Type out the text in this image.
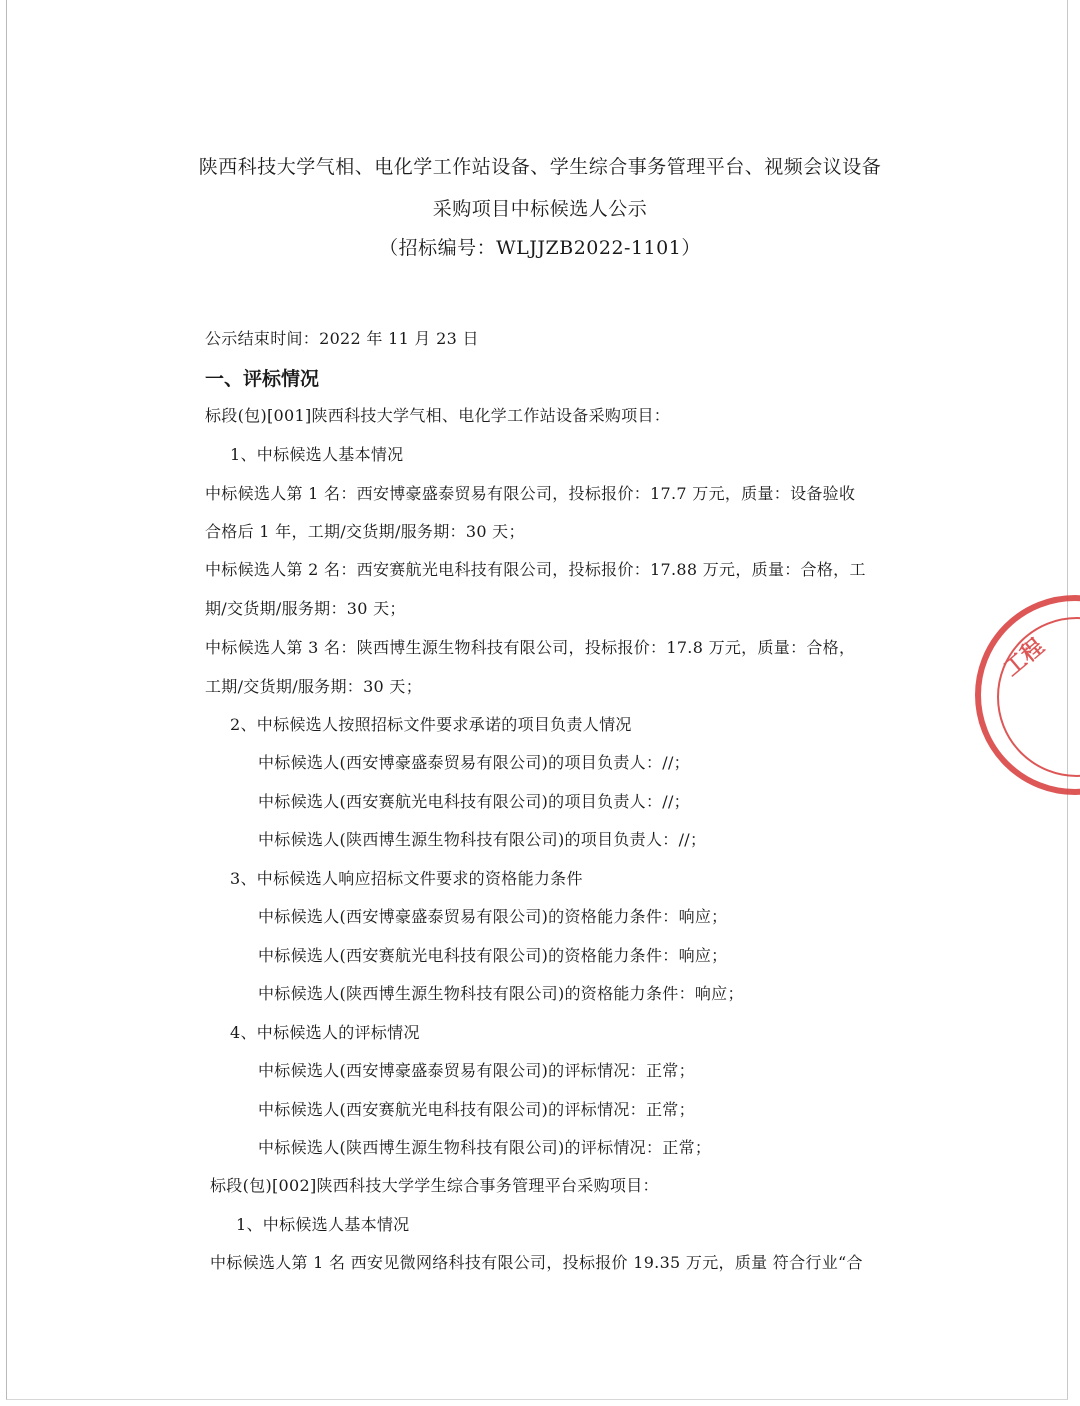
陕西科技大学气相、电化学工作站设备、学生综合事务管理平台、视频会议设备
采购项目中标候选人公示
（招标编号：WLJJZB2022-1101）
公示结束时间：2022 年 11 月 23 日
一、评标情况
标段(包)[001]陕西科技大学气相、电化学工作站设备采购项目：
1、中标候选人基本情况
中标候选人第 1 名：西安博豪盛泰贸易有限公司，投标报价：17.7 万元，质量：设备验收
合格后 1 年，工期/交货期/服务期：30 天；
中标候选人第 2 名：西安赛航光电科技有限公司，投标报价：17.88 万元，质量：合格，工
期/交货期/服务期：30 天；
中标候选人第 3 名：陕西博生源生物科技有限公司，投标报价：17.8 万元，质量：合格，
工期/交货期/服务期：30 天；
2、中标候选人按照招标文件要求承诺的项目负责人情况
中标候选人(西安博豪盛泰贸易有限公司)的项目负责人：//；
中标候选人(西安赛航光电科技有限公司)的项目负责人：//；
中标候选人(陕西博生源生物科技有限公司)的项目负责人：//；
3、中标候选人响应招标文件要求的资格能力条件
中标候选人(西安博豪盛泰贸易有限公司)的资格能力条件：响应；
中标候选人(西安赛航光电科技有限公司)的资格能力条件：响应；
中标候选人(陕西博生源生物科技有限公司)的资格能力条件：响应；
4、中标候选人的评标情况
中标候选人(西安博豪盛泰贸易有限公司)的评标情况：正常；
中标候选人(西安赛航光电科技有限公司)的评标情况：正常；
中标候选人(陕西博生源生物科技有限公司)的评标情况：正常；
标段(包)[002]陕西科技大学学生综合事务管理平台采购项目：
1、中标候选人基本情况
中标候选人第 1 名 西安见微网络科技有限公司，投标报价 19.35 万元，质量 符合行业“合
工程
